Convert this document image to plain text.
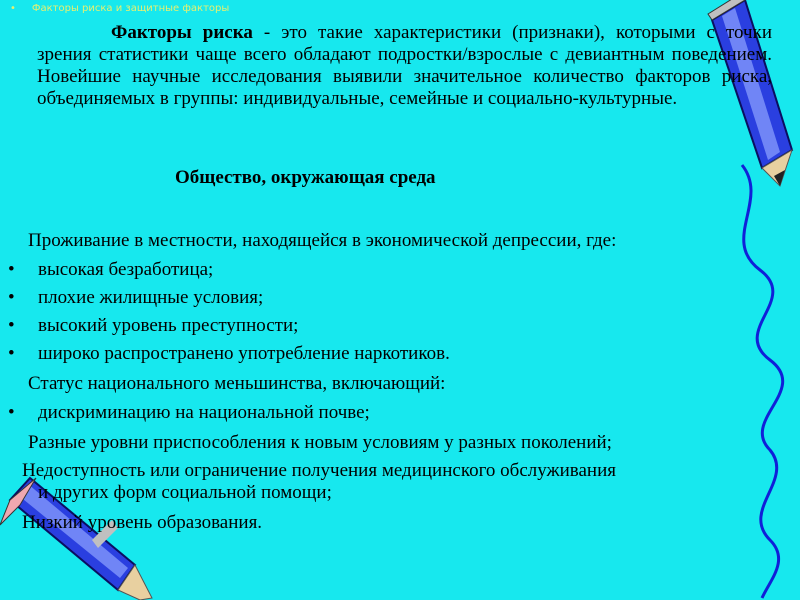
• Факторы риска и защитные факторы
Факторы риска - это такие характеристики (признаки), которыми с точки зрения статистики чаще всего обладают подростки/взрослые с девиантным поведением. Новейшие научные исследования выявили значительное количество факторов риска, объединяемых в группы: индивидуальные, семейные и социально-культурные.
Общество, окружающая среда
Проживание в местности, находящейся в экономической депрессии, где:
• высокая безработица;
• плохие жилищные условия;
• высокий уровень преступности;
• широко распространено употребление наркотиков.
Статус национального меньшинства, включающий:
• дискриминацию на национальной почве;
Разные уровни приспособления к новым условиям у разных поколений;
Недоступность или ограничение получения медицинского обслуживания
и других форм социальной помощи;
Низкий уровень образования.
